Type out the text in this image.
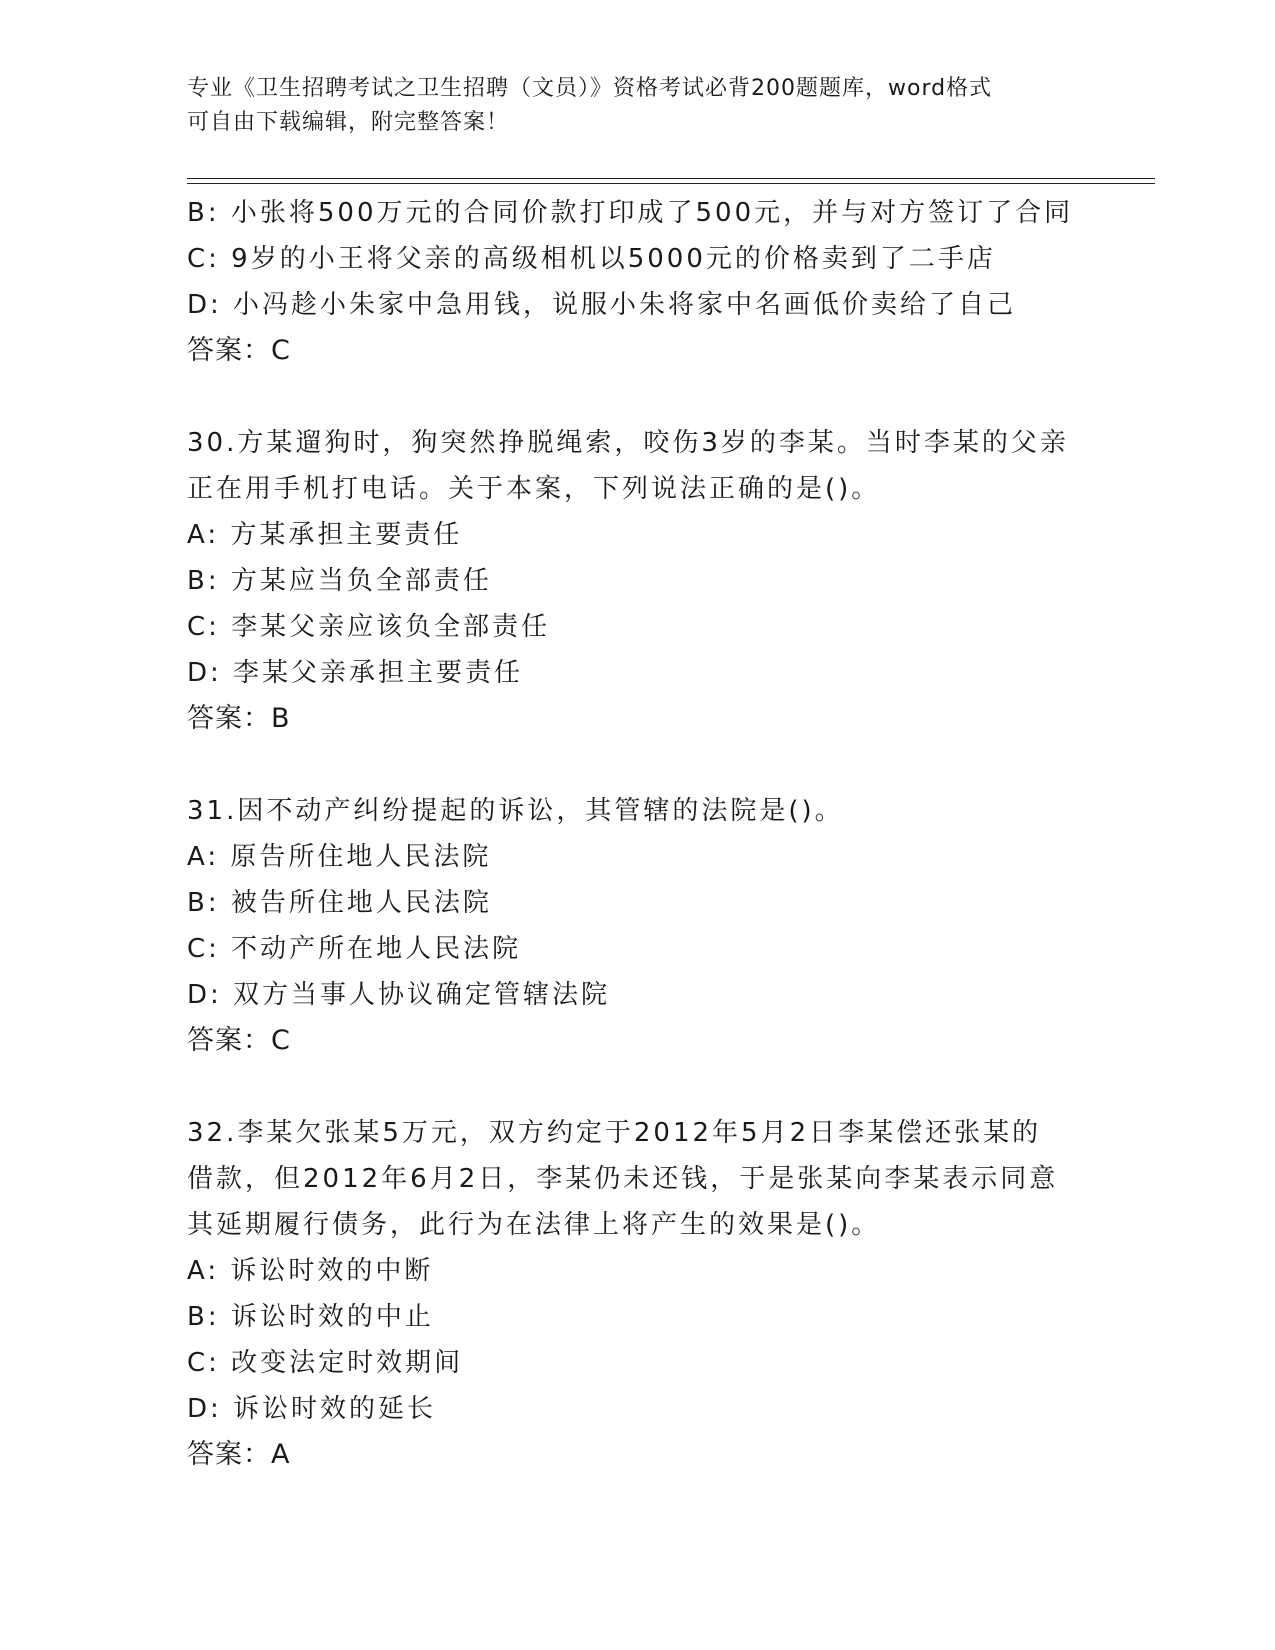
专业《卫生招聘考试之卫生招聘（文员）》资格考试必背200题题库，word格式
可自由下载编辑，附完整答案！
B: 小张将500万元的合同价款打印成了500元，并与对方签订了合同
C: 9岁的小王将父亲的高级相机以5000元的价格卖到了二手店
D: 小冯趁小朱家中急用钱，说服小朱将家中名画低价卖给了自己
答案：C
30.方某遛狗时，狗突然挣脱绳索，咬伤3岁的李某。当时李某的父亲
正在用手机打电话。关于本案，下列说法正确的是()。
A: 方某承担主要责任
B: 方某应当负全部责任
C: 李某父亲应该负全部责任
D: 李某父亲承担主要责任
答案：B
31.因不动产纠纷提起的诉讼，其管辖的法院是()。
A: 原告所住地人民法院
B: 被告所住地人民法院
C: 不动产所在地人民法院
D: 双方当事人协议确定管辖法院
答案：C
32.李某欠张某5万元，双方约定于2012年5月2日李某偿还张某的
借款，但2012年6月2日，李某仍未还钱，于是张某向李某表示同意
其延期履行债务，此行为在法律上将产生的效果是()。
A: 诉讼时效的中断
B: 诉讼时效的中止
C: 改变法定时效期间
D: 诉讼时效的延长
答案：A
